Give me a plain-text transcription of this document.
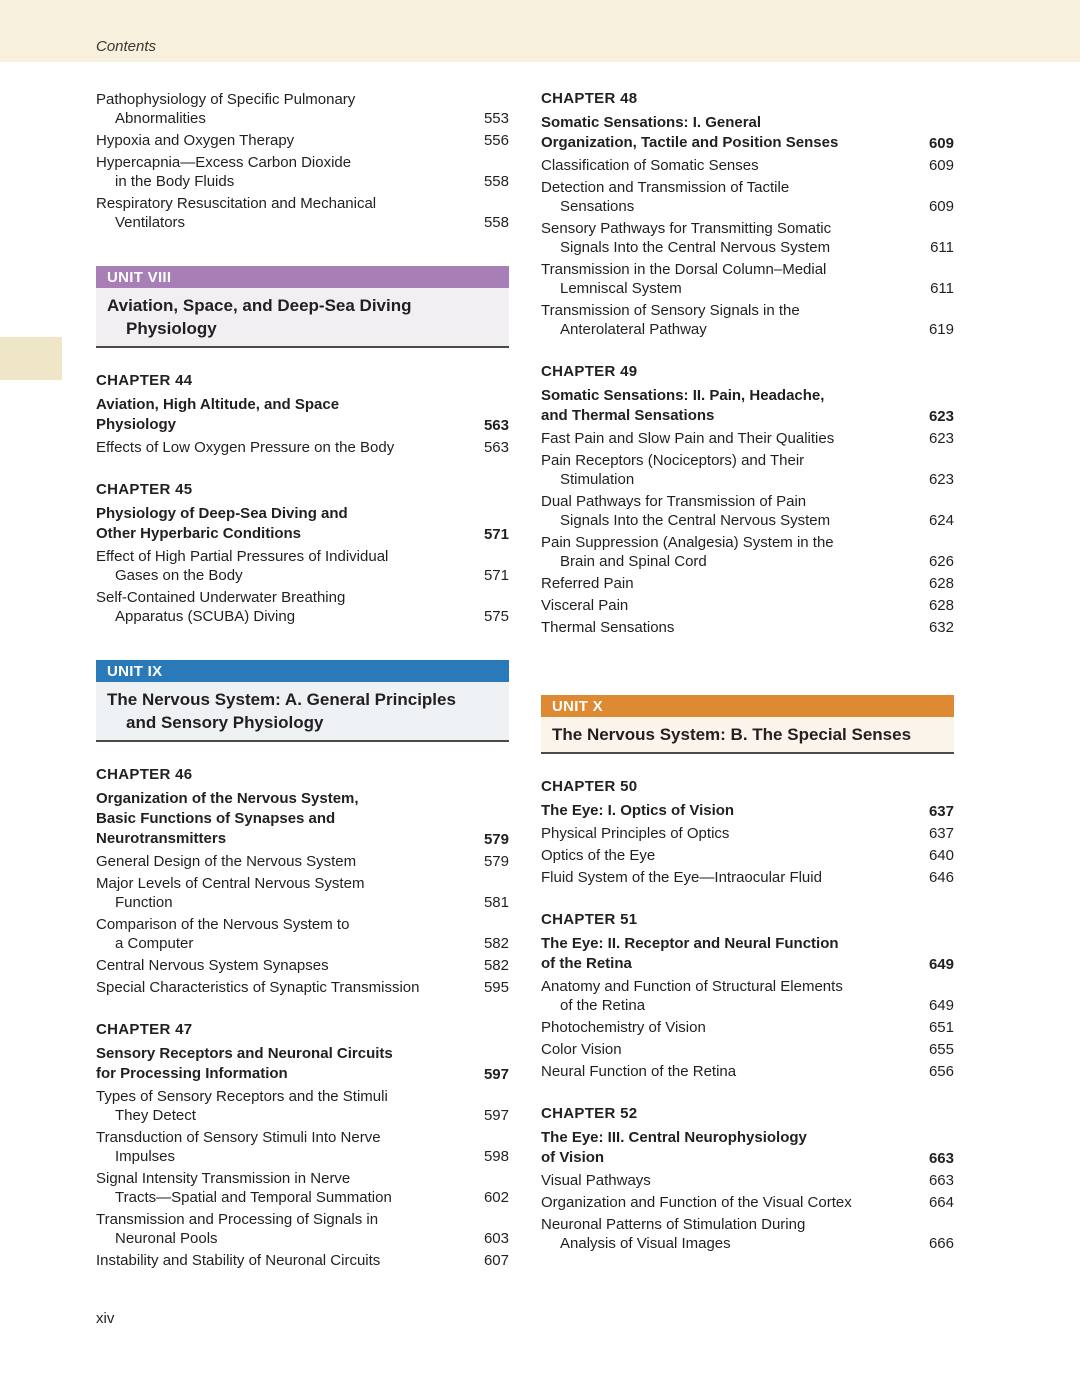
Contents
Pathophysiology of Specific Pulmonary
Abnormalities	553
Hypoxia and Oxygen Therapy	556
Hypercapnia—Excess Carbon Dioxide
in the Body Fluids	558
Respiratory Resuscitation and Mechanical
Ventilators	558
UNIT VIII
Aviation, Space, and Deep-Sea Diving
Physiology
CHAPTER 44
Aviation, High Altitude, and Space
Physiology	563
Effects of Low Oxygen Pressure on the Body	563
CHAPTER 45
Physiology of Deep-Sea Diving and
Other Hyperbaric Conditions	571
Effect of High Partial Pressures of Individual
Gases on the Body	571
Self-Contained Underwater Breathing
Apparatus (SCUBA) Diving	575
UNIT IX
The Nervous System: A. General Principles
and Sensory Physiology
CHAPTER 46
Organization of the Nervous System,
Basic Functions of Synapses and
Neurotransmitters	579
General Design of the Nervous System	579
Major Levels of Central Nervous System
Function	581
Comparison of the Nervous System to
a Computer	582
Central Nervous System Synapses	582
Special Characteristics of Synaptic Transmission	595
CHAPTER 47
Sensory Receptors and Neuronal Circuits
for Processing Information	597
Types of Sensory Receptors and the Stimuli
They Detect	597
Transduction of Sensory Stimuli Into Nerve
Impulses	598
Signal Intensity Transmission in Nerve
Tracts—Spatial and Temporal Summation	602
Transmission and Processing of Signals in
Neuronal Pools	603
Instability and Stability of Neuronal Circuits	607
CHAPTER 48
Somatic Sensations: I. General
Organization, Tactile and Position Senses	609
Classification of Somatic Senses	609
Detection and Transmission of Tactile
Sensations	609
Sensory Pathways for Transmitting Somatic
Signals Into the Central Nervous System	611
Transmission in the Dorsal Column–Medial
Lemniscal System	611
Transmission of Sensory Signals in the
Anterolateral Pathway	619
CHAPTER 49
Somatic Sensations: II. Pain, Headache,
and Thermal Sensations	623
Fast Pain and Slow Pain and Their Qualities	623
Pain Receptors (Nociceptors) and Their
Stimulation	623
Dual Pathways for Transmission of Pain
Signals Into the Central Nervous System	624
Pain Suppression (Analgesia) System in the
Brain and Spinal Cord	626
Referred Pain	628
Visceral Pain	628
Thermal Sensations	632
UNIT X
The Nervous System: B. The Special Senses
CHAPTER 50
The Eye: I. Optics of Vision	637
Physical Principles of Optics	637
Optics of the Eye	640
Fluid System of the Eye—Intraocular Fluid	646
CHAPTER 51
The Eye: II. Receptor and Neural Function
of the Retina	649
Anatomy and Function of Structural Elements
of the Retina	649
Photochemistry of Vision	651
Color Vision	655
Neural Function of the Retina	656
CHAPTER 52
The Eye: III. Central Neurophysiology
of Vision	663
Visual Pathways	663
Organization and Function of the Visual Cortex	664
Neuronal Patterns of Stimulation During
Analysis of Visual Images	666
xiv
